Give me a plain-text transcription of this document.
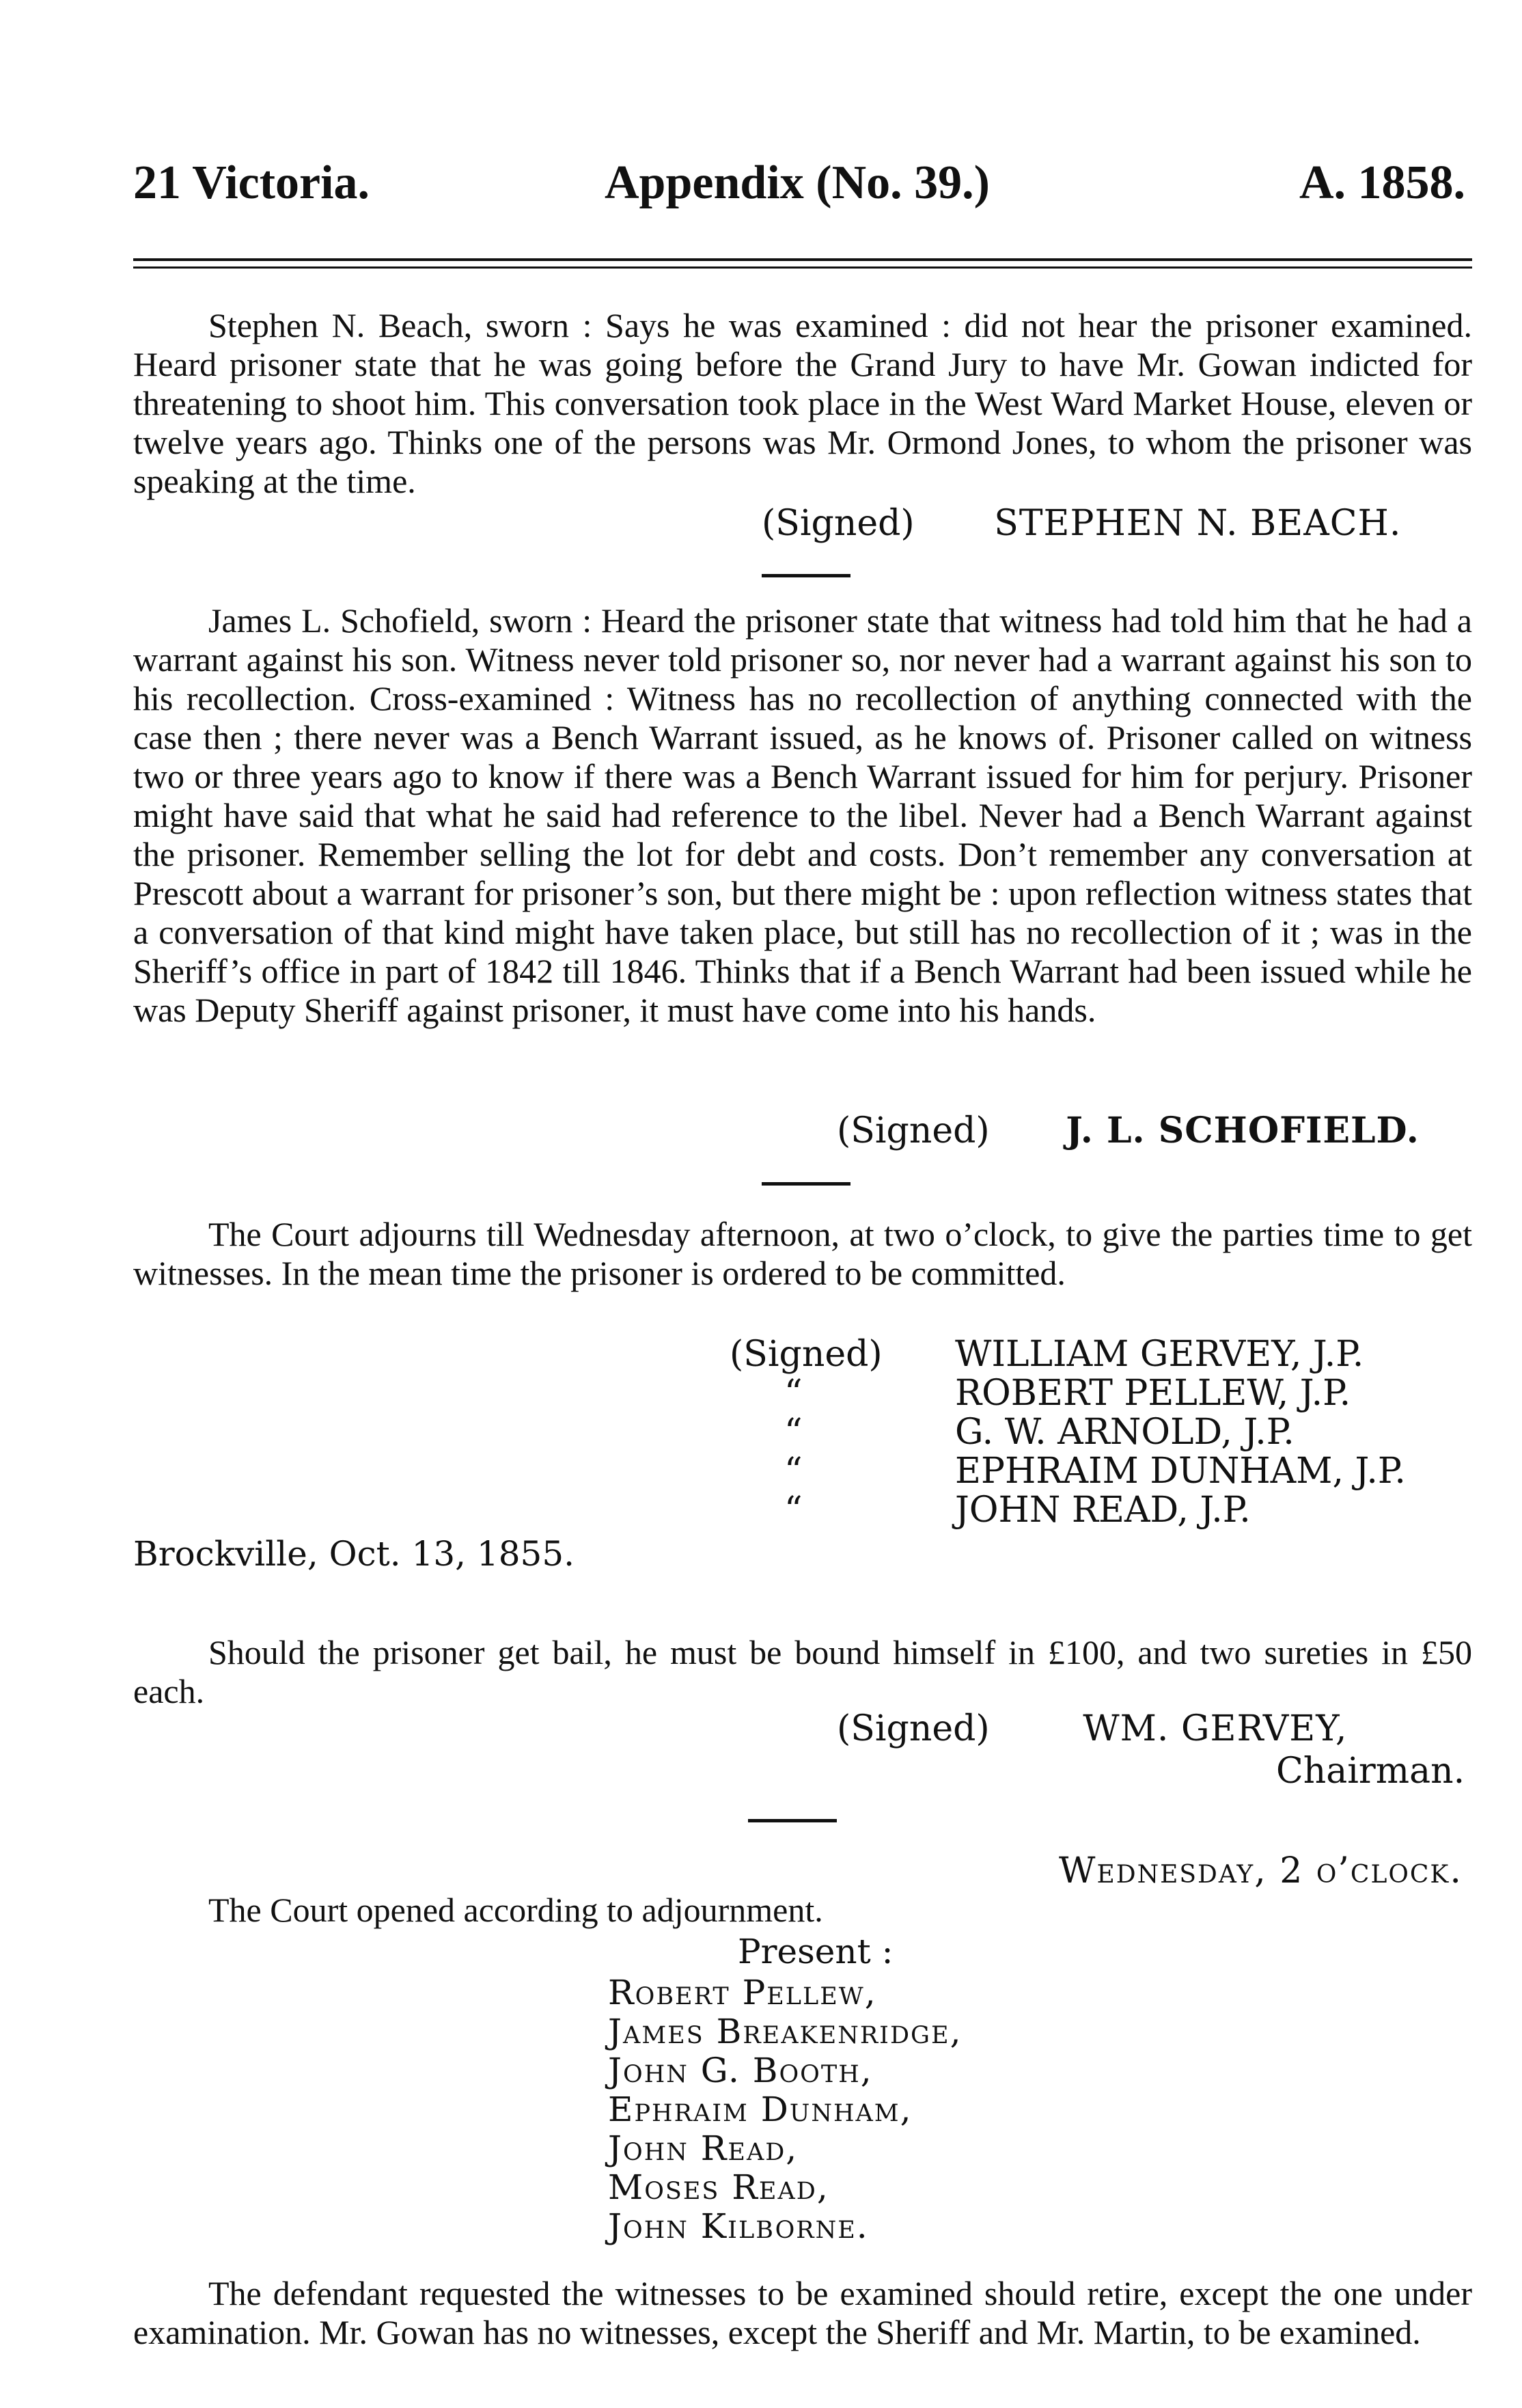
21 Victoria.	Appendix (No. 39.)	A. 1858.

Stephen N. Beach, sworn : Says he was examined : did not hear the prisoner examined. Heard prisoner state that he was going before the Grand Jury to have Mr. Gowan indicted for threatening to shoot him. This conversation took place in the West Ward Market House, eleven or twelve years ago. Thinks one of the persons was Mr. Ormond Jones, to whom the prisoner was speaking at the time.

(Signed) STEPHEN N. BEACH.

James L. Schofield, sworn : Heard the prisoner state that witness had told him that he had a warrant against his son. Witness never told prisoner so, nor never had a warrant against his son to his recollection. Cross-examined : Witness has no recollection of anything connected with the case then ; there never was a Bench Warrant issued, as he knows of. Prisoner called on witness two or three years ago to know if there was a Bench Warrant issued for him for perjury. Prisoner might have said that what he said had reference to the libel. Never had a Bench Warrant against the prisoner. Remember selling the lot for debt and costs. Don’t remember any conversation at Prescott about a warrant for prisoner’s son, but there might be : upon reflection witness states that a conversation of that kind might have taken place, but still has no recollection of it ; was in the Sheriff’s office in part of 1842 till 1846. Thinks that if a Bench Warrant had been issued while he was Deputy Sheriff against prisoner, it must have come into his hands.

(Signed) J. L. SCHOFIELD.

The Court adjourns till Wednesday afternoon, at two o’clock, to give the parties time to get witnesses. In the mean time the prisoner is ordered to be committed.

(Signed) WILLIAM GERVEY, J.P.
“	ROBERT PELLEW, J.P.
“	G. W. ARNOLD, J.P.
“	EPHRAIM DUNHAM, J.P.
“	JOHN READ, J.P.
Brockville, Oct. 13, 1855.

Should the prisoner get bail, he must be bound himself in £100, and two sureties in £50 each.

(Signed)	WM. GERVEY,
Chairman.
Wednesday, 2 o’clock.

The Court opened according to adjournment.

Present :
Robert Pellew,
James Breakenridge,
John G. Booth,
Ephraim Dunham,
John Read,
Moses Read,
John Kilborne.

The defendant requested the witnesses to be examined should retire, except the one under examination. Mr. Gowan has no witnesses, except the Sheriff and Mr. Martin, to be examined.
